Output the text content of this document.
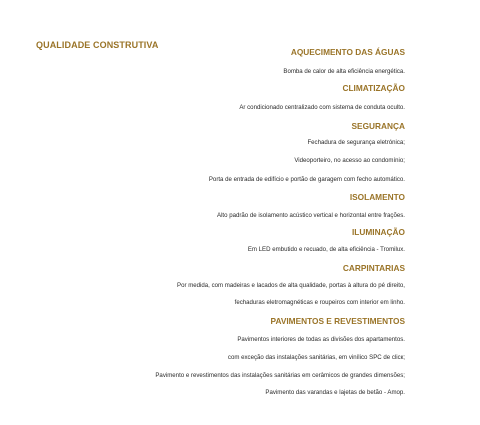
QUALIDADE CONSTRUTIVA
AQUECIMENTO DAS ÁGUAS
Bomba de calor de alta eficiência energética.
CLIMATIZAÇÃO
Ar condicionado centralizado com sistema de conduta oculto.
SEGURANÇA
Fechadura de segurança eletrónica;
Videoporteiro, no acesso ao condomínio;
Porta de entrada de edifício e portão de garagem com fecho automático.
ISOLAMENTO
Alto padrão de isolamento acústico vertical e horizontal entre frações.
ILUMINAÇÃO
Em LED embutido e recuado, de alta eficiência - Tromilux.
CARPINTARIAS
Por medida, com madeiras e lacados de alta qualidade, portas à altura do pé direito,
fechaduras eletromagnéticas e roupeiros com interior em linho.
PAVIMENTOS E REVESTIMENTOS
Pavimentos interiores de todas as divisões dos apartamentos.
com exceção das instalações sanitárias, em vinílico SPC de clicк;
Pavimento e revestimentos das instalações sanitárias em cerâmicos de grandes dimensões;
Pavimento das varandas e lajetas de betão - Amop.
